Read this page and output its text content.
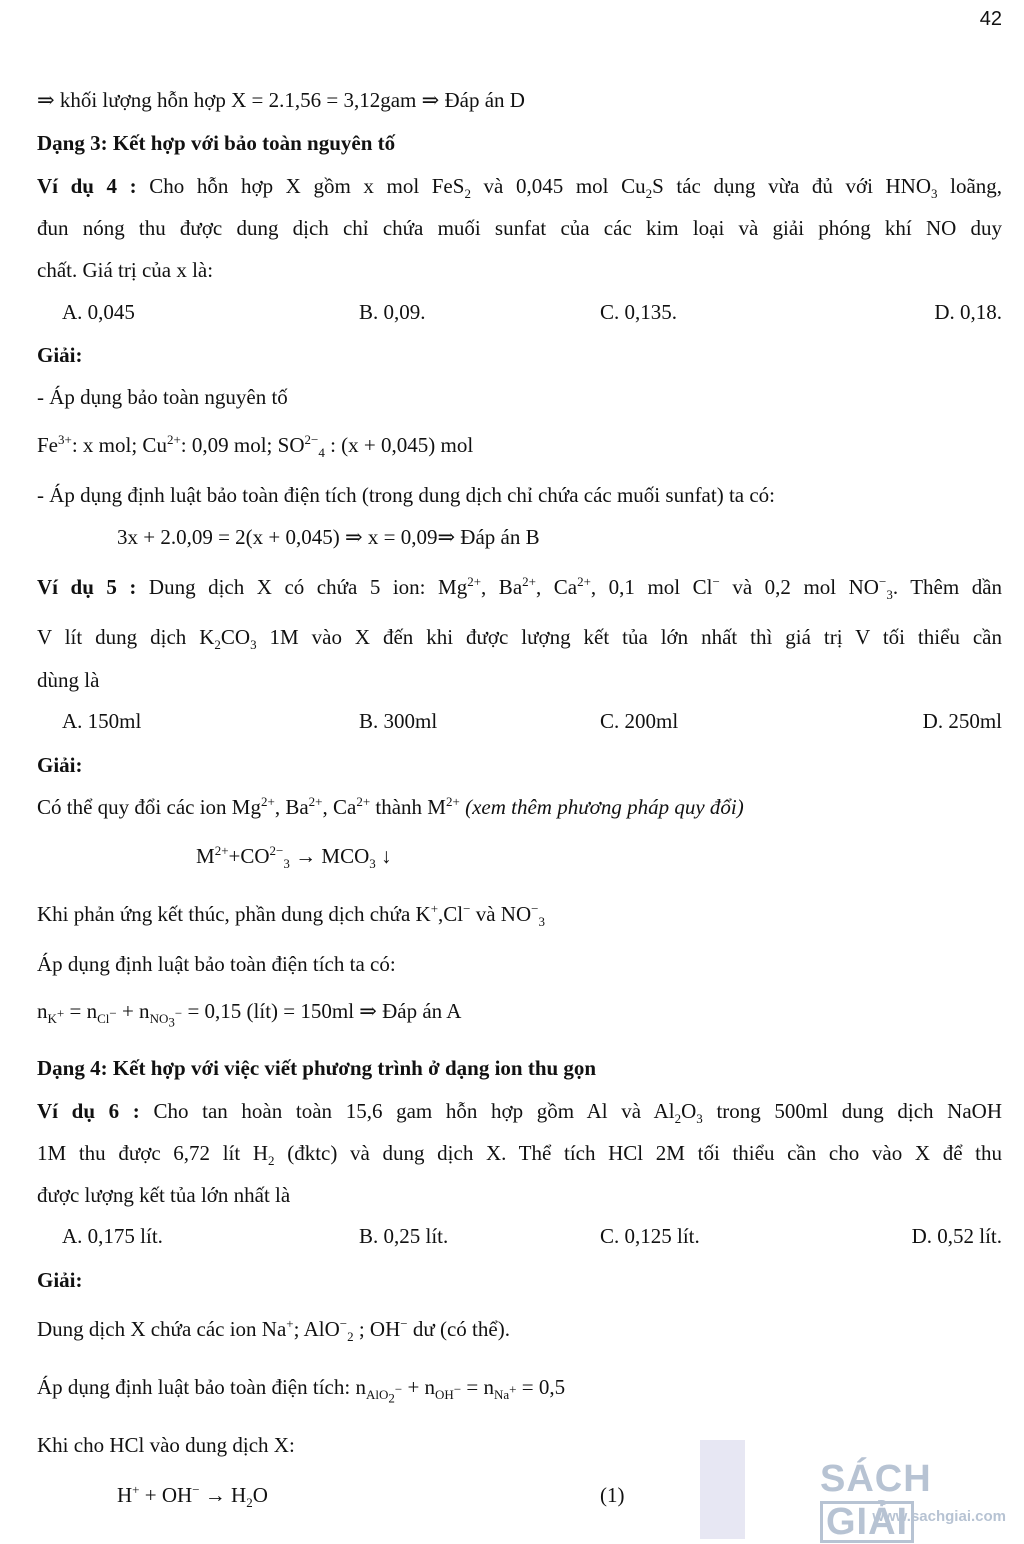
42
⇒ khối lượng hỗn hợp X = 2.1,56 = 3,12gam ⇒ Đáp án D
Dạng 3: Kết hợp với bảo toàn nguyên tố
Ví dụ 4 : Cho hỗn hợp X gồm x mol FeS$_2$ và 0,045 mol $Cu_2S$ tác dụng vừa đủ với $HNO_3$ loãng,
đun nóng thu được dung dịch chỉ chứa muối sunfat của các kim loại và giải phóng khí NO duy
chất. Giá trị của x là:
A. 0,045	B. 0,09.	C. 0,135.	D. 0,18.
Giải:
- Áp dụng bảo toàn nguyên tố
$Fe^{3+}$: x mol; $Cu^{2+}$: 0,09 mol; $SO^{2-}_4$ : (x + 0,045) mol
- Áp dụng định luật bảo toàn điện tích (trong dung dịch chỉ chứa các muối sunfat) ta có:
3x + 2.0,09 = 2(x + 0,045) ⇒ x = 0,09⇒ Đáp án B
Ví dụ 5 : Dung dịch X có chứa 5 ion: $Mg^{2+}$, $Ba^{2+}$, $Ca^{2+}$, 0,1 mol Cl− và 0,2 mol $NO^-_3$. Thêm dần
V lít dung dịch $K_2CO_3$ 1M vào X đến khi được lượng kết tủa lớn nhất thì giá trị V tối thiểu cần
dùng là
A. 150ml	B. 300ml	C. 200ml	D. 250ml
Giải:
Có thể quy đổi các ion $Mg^{2+}$, $Ba^{2+}$, $Ca^{2+}$ thành $M^{2+}$ (xem thêm phương pháp quy đổi)
$M^{2+}+CO^{2-}_3 \to MCO_3$ ↓
Khi phản ứng kết thúc, phần dung dịch chứa K+,Cl− và $NO^-_3$
Áp dụng định luật bảo toàn điện tích ta có:
$n_{K^+} = n_{Cl^-} + n_{NO_3^-} = 0,15$ (lít) = 150ml ⇒ Đáp án A
Dạng 4: Kết hợp với việc viết phương trình ở dạng ion thu gọn
Ví dụ 6 : Cho tan hoàn toàn 15,6 gam hỗn hợp gồm Al và $Al_2O_3$ trong 500ml dung dịch NaOH
1M thu được 6,72 lít $H_2$ (đktc) và dung dịch X. Thể tích HCl 2M tối thiểu cần cho vào X để thu
được lượng kết tủa lớn nhất là
A. 0,175 lít.	B. 0,25 lít.	C. 0,125 lít.	D. 0,52 lít.
Giải:
Dung dịch X chứa các ion Na+; AlO−$_2$ ; OH− dư (có thể).
Áp dụng định luật bảo toàn điện tích: $n_{AlO_2^-} + n_{OH^-} = n_{Na^+} = 0,5$
Khi cho HCl vào dung dịch X:
$H^+ + OH^- \to H_2O$	(1)	SÁCHGIẢI
www.sachgiai.com
